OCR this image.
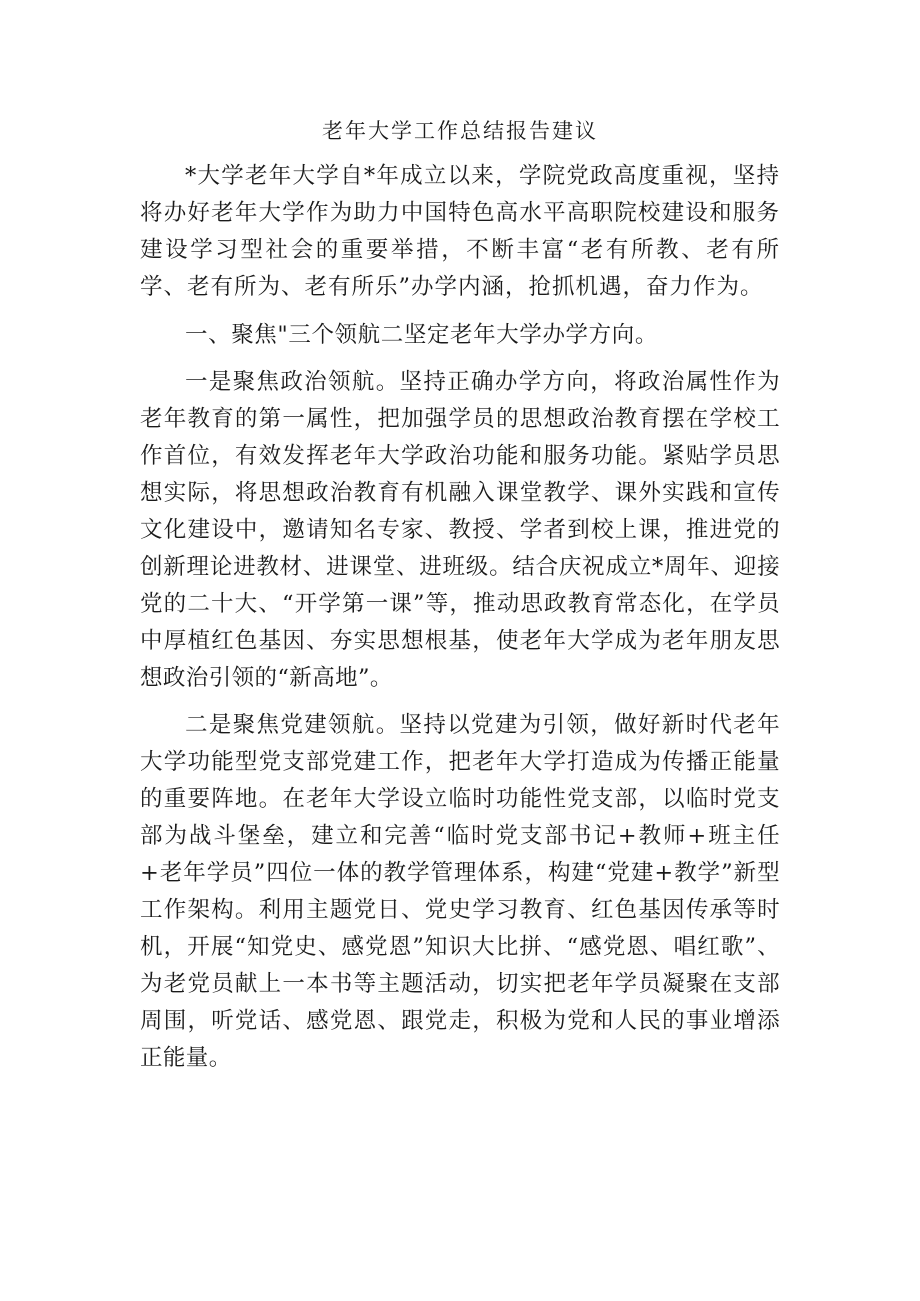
老年大学工作总结报告建议

*大学老年大学自*年成立以来，学院党政高度重视，坚持将办好老年大学作为助力中国特色高水平高职院校建设和服务建设学习型社会的重要举措，不断丰富“老有所教、老有所学、老有所为、老有所乐”办学内涵，抢抓机遇，奋力作为。

一、聚焦"三个领航二坚定老年大学办学方向。

一是聚焦政治领航。坚持正确办学方向，将政治属性作为老年教育的第一属性，把加强学员的思想政治教育摆在学校工作首位，有效发挥老年大学政治功能和服务功能。紧贴学员思想实际，将思想政治教育有机融入课堂教学、课外实践和宣传文化建设中，邀请知名专家、教授、学者到校上课，推进党的创新理论进教材、进课堂、进班级。结合庆祝成立*周年、迎接党的二十大、“开学第一课”等，推动思政教育常态化，在学员中厚植红色基因、夯实思想根基，使老年大学成为老年朋友思想政治引领的“新高地”。

二是聚焦党建领航。坚持以党建为引领，做好新时代老年大学功能型党支部党建工作，把老年大学打造成为传播正能量的重要阵地。在老年大学设立临时功能性党支部，以临时党支部为战斗堡垒，建立和完善“临时党支部书记+教师+班主任+老年学员”四位一体的教学管理体系，构建“党建+教学”新型工作架构。利用主题党日、党史学习教育、红色基因传承等时机，开展“知党史、感党恩”知识大比拼、“感党恩、唱红歌”、为老党员献上一本书等主题活动，切实把老年学员凝聚在支部周围，听党话、感党恩、跟党走，积极为党和人民的事业增添正能量。
